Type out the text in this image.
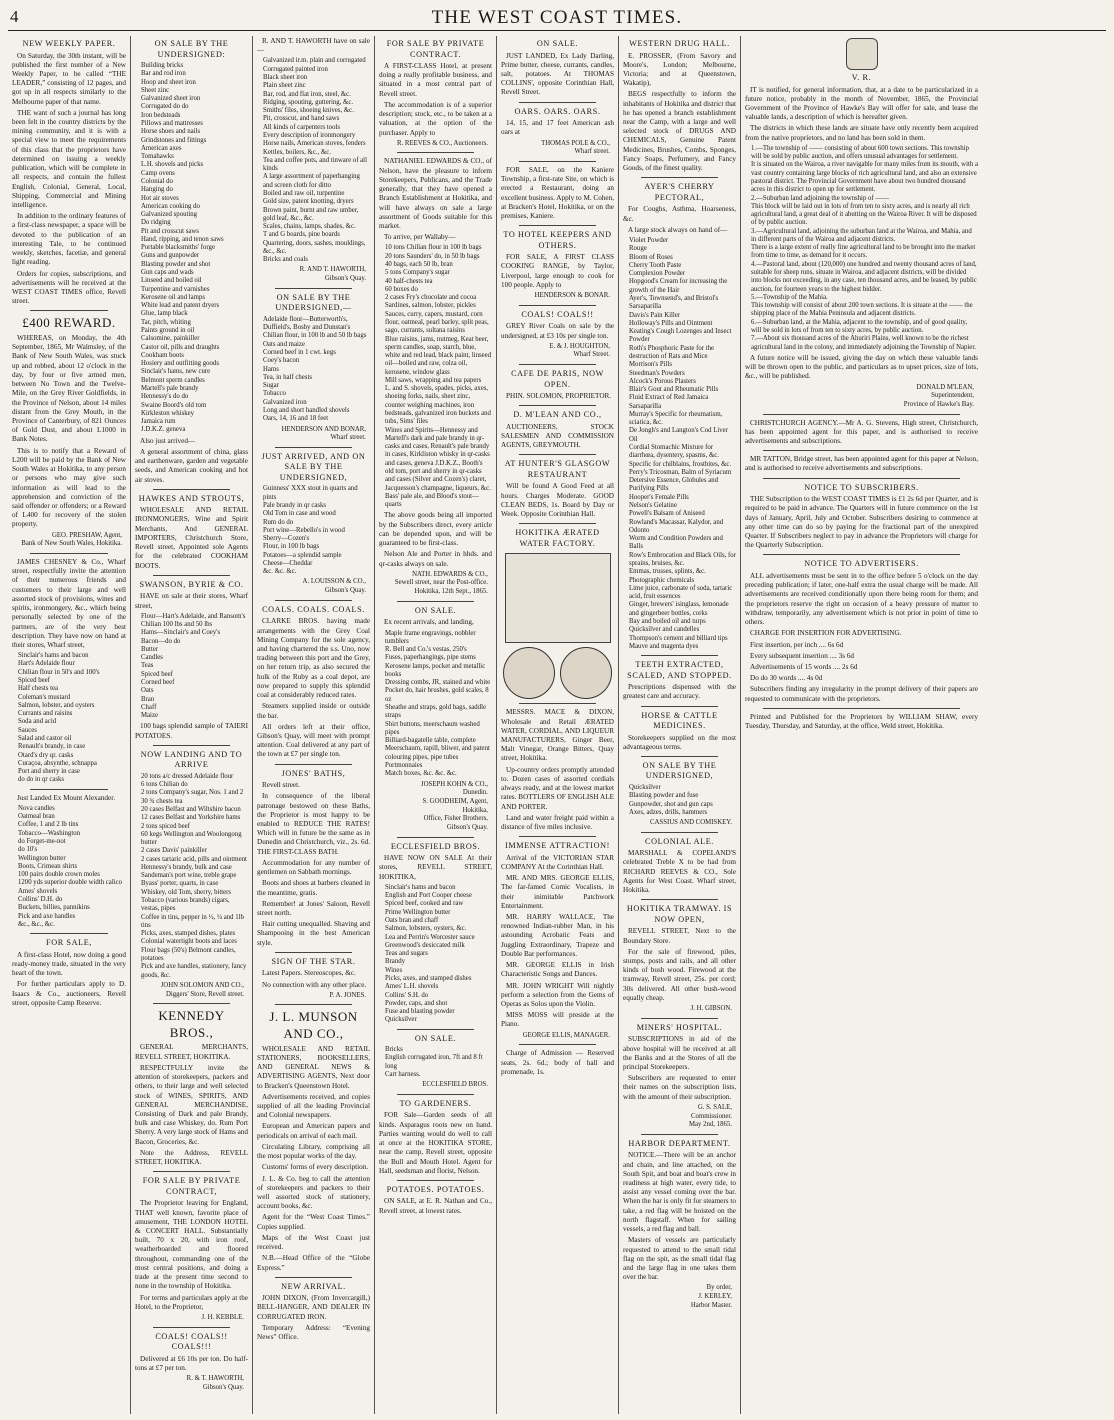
4	THE WEST COAST TIMES.
NEW WEEKLY PAPER.
On Saturday, the 30th instant, will be published the first number of a New Weekly Paper, to be called “THE LEADER,” consisting of 12 pages, and got up in all respects similarly to the Melbourne paper of that name.
THE want of such a journal has long been felt in the country districts by the mining community, and it is with a special view to meet the requirements of this class that the proprietors have determined on issuing a weekly publication, which will be complete in all respects, and contain the fullest English, Colonial, General, Local, Shipping, Commercial and Mining intelligence.
In addition to the ordinary features of a first-class newspaper, a space will be devoted to the publication of an interesting Tale, to be continued weekly, sketches, facetiæ, and general light reading.
Orders for copies, subscriptions, and advertisements will be received at the WEST COAST TIMES office, Revell street.
£400 REWARD.
WHEREAS, on Monday, the 4th September, 1865, Mr Walmsley, of the Bank of New South Wales, was stuck up and robbed, about 12 o'clock in the day, by four or five armed men, between No Town and the Twelve-Mile, on the Grey River Goldfields, in the Province of Nelson, about 14 miles distant from the Grey Mouth, in the Province of Canterbury, of 821 Ounces of Gold Dust, and about L1000 in Bank Notes.
This is to notify that a Reward of L200 will be paid by the Bank of New South Wales at Hokitika, to any person or persons who may give such information as will lead to the apprehension and conviction of the said offender or offenders; or a Reward of L400 for recovery of the stolen property.
GEO. PRESHAW, Agent,
Bank of New South Wales, Hokitika.
JAMES CHESNEY & Co., Wharf street, respectfully invite the attention of their numerous friends and customers to their large and well assorted stock of provisions, wines and spirits, ironmongery, &c., which being personally selected by one of the partners, are of the very best description. They have now on hand at their stores, Wharf street,
Sinclair's hams and bacon
Hart's Adelaide flour
Chilian flour in 50's and 100's
Spiced beef
Half chests tea
Coleman's mustard
Salmon, lobster, and oysters
Currants and raisins
Soda and acid
Sauces
Salad and castor oil
Renault's brandy, in case
Otard's dry qr. casks
Curaçoa, absynthe, schnappa
Port and sherry in case
do do in qr casks
Just Landed Ex Mount Alexander.
Nova candles
Oatmeal bran
Coffee, 1 and 2 lb tins
Tobacco—Washington
do Forget-me-not
do 10's
Wellington butter
Boots, Crimean shirts
100 pairs double crown moles
1200 yds superior double width calico
Ames' shovels
Collins' D.H. do
Buckets, billies, pannikins
Pick and axe handles
&c., &c., &c.
FOR SALE,
A first-class Hotel, now doing a good ready-money trade, situated in the very heart of the town.
For further particulars apply to D. Isaacs & Co., auctioneers, Revell street, opposite Camp Reserve.
ON SALE BY THE UNDERSIGNED:
Building bricks
Bar and rod iron
Hoop and sheet iron
Sheet zinc
Galvanized sheet iron
Corrugated do do
Iron bedsteads
Pillows and mattresses
Horse shoes and nails
Grindstones and fittings
American axes
Tomahawks
L.H. shovels and picks
Camp ovens
Colonial do
Hanging do
Hot air stoves
American cooking do
Galvanized spouting
Do ridging
Pit and crosscut saws
Hand, ripping, and tenon saws
Portable blacksmiths' forge
Guns and gunpowder
Blasting powder and shot
Gun caps and wads
Linseed and boiled oil
Turpentine and varnishes
Kerosene oil and lamps
White lead and patent dryers
Glue, lamp black
Tar, pitch, whiting
Paints ground in oil
Calsomine, painkiller
Castor oil, pills and draughts
Cookham boots
Hosiery and outfitting goods
Sinclair's hams, new cure
Belmont sperm candles
Martell's pale brandy
Hennessy's do do
Swaine Boord's old tom
Kirkleston whiskey
Jamaica rum
J.D.K.Z. geneva
Also just arrived—
A general assortment of china, glass and earthenware, garden and vegetable seeds, and American cooking and hot air stoves.
HAWKES AND STROUTS,
WHOLESALE AND RETAIL IRONMONGERS, Wine and Spirit Merchants, And GENERAL IMPORTERS, Christchurch Store, Revell street, Appointed sole Agents for the celebrated COOKHAM BOOTS.
SWANSON, BYRIE & CO.
HAVE on sale at their stores, Wharf street,
Flour—Hart's Adelaide, and Ransom's Chilian 100 lbs and 50 lbs
Hams—Sinclair's and Coey's
Bacon—do do
Butter
Candles
Teas
Spiced beef
Corned beef
Oats
Bran
Chaff
Maize
100 bags splendid sample of TAIERI POTATOES.
NOW LANDING AND TO ARRIVE
20 tons a/c dressed Adelaide flour
6 tons Chilian do
2 tons Company's sugar, Nos. 1 and 2
30 ¾ chests tea
20 cases Belfast and Wiltshire bacon
12 cases Belfast and Yorkshire hams
2 tons spiced beef
60 kegs Wellington and Woolongong butter
2 cases Davis' painkiller
2 cases tartaric acid, pills and ointment
Hennessy's brandy, bulk and case
Sandeman's port wine, treble grape
Byass' porter, quarts, in case
Whiskey, old Tom, sherry, bitters
Tobacco (various brands) cigars, vestas, pipes
Coffee in tins, pepper in ½, ¼ and 1lb tins
Picks, axes, stamped dishes, plates
Colonial watertight boots and laces
Flour bags (50's) Belmont candles, potatoes
Pick and axe handles, stationery, fancy goods, &c.
JOHN SOLOMON AND CO.,
Diggers' Store, Revell street.
KENNEDY BROS.,
GENERAL MERCHANTS, REVELL STREET, HOKITIKA.
RESPECTFULLY invite the attention of storekeepers, packers and others, to their large and well selected stock of WINES, SPIRITS, AND GENERAL MERCHANDISE, Consisting of Dark and pale Brandy, bulk and case Whiskey, do. Rum Port Sherry. A very large stock of Hams and Bacon, Groceries, &c.
Note the Address, REVELL STREET, HOKITIKA.
FOR SALE BY PRIVATE CONTRACT,
The Proprietor leaving for England, THAT well known, favorite place of amusement, THE LONDON HOTEL & CONCERT HALL. Substantially built, 70 x 20, with iron roof, weatherboarded and floored throughout, commanding one of the most central positions, and doing a trade at the present time second to none in the township of Hokitika.
For terms and particulars apply at the Hotel, to the Proprietor,
J. H. KEBBLE.
COALS! COALS!! COALS!!!
Delivered at £6 10s per ton. Do half-tons at £7 per ton.
R. & T. HAWORTH,
Gibson's Quay.
R. AND T. HAWORTH have on sale—
Galvanized ir.m. plain and corrugated
Corrugated painted iron
Black sheet iron
Plain sheet zinc
Bar, rod, and flat iron, steel, &c.
Ridging, spouting, guttering, &c.
Smiths' files, shoeing knives, &c.
Pit, crosscut, and hand saws
All kinds of carpenters tools
Every description of ironmongery
Horse nails, American stoves, fenders
Kettles, boilers, &c., &c.
Tea and coffee pots, and tinware of all kinds
A large assortment of paperhanging and screen cloth for ditto
Boiled and raw oil, turpentine
Gold size, patent knotting, dryers
Brown paint, burnt and raw umber, gold leaf, &c., &c.
Scales, chains, lamps, shades, &c.
T and G boards, pine boards
Quartering, doors, sashes, mouldings, &c., &c.
Bricks and coals
R. AND T. HAWORTH,
Gibson's Quay.
ON SALE BY THE UNDERSIGNED,—
Adelaide flour—Butterworth's, Duffield's, Bosby and Dunstan's
Chilian flour, in 100 lb and 50 lb bags
Oats and maize
Corned beef in 1 cwt. kegs
Coey's bacon
Hams
Tea, in half chests
Sugar
Tobacco
Galvanized iron
Long and short handled shovels
Oars, 14, 16 and 18 feet
HENDERSON AND BONAR,
Wharf street.
JUST ARRIVED, AND ON SALE BY THE UNDERSIGNED,
Guinness' XXX stout in quarts and pints
Pale brandy in qr casks
Old Tom in case and wood
Rum do do
Port wine—Rebello's in wood
Sherry—Cozen's
Flour, in 100 lb bags
Potatoes—a splendid sample
Cheese—Cheddar
&c. &c. &c.
A. LOUISSON & CO.,
Gibson's Quay.
COALS. COALS. COALS.
CLARKE BROS. having made arrangements with the Grey Coal Mining Company for the sole agency, and having chartered the s.s. Uno, now trading between this port and the Grey, on her return trip, as also secured the hulk of the Ruby as a coal depot, are now prepared to supply this splendid coal at considerably reduced rates.
Steamers supplied inside or outside the bar.
All orders left at their office, Gibson's Quay, will meet with prompt attention. Coal delivered at any part of the town at £7 per single ton.
JONES' BATHS,
Revell street.
In consequence of the liberal patronage bestowed on these Baths, the Proprietor is most happy to be enabled to REDUCE THE RATES! Which will in future be the same as in Dunedin and Christchurch, viz., 2s. 6d. THE FIRST-CLASS BATH.
Accommodation for any number of gentlemen on Sabbath mornings.
Boots and shoes at barbers cleaned in the meantime, gratis.
Remember! at Jones' Saloon, Revell street north.
Hair cutting unequalled. Shaving and Shampooing in the best American style.
SIGN OF THE STAR.
Latest Papers. Stereoscopes, &c.
No connection with any other place.
P. A. JONES.
J. L. MUNSON AND CO.,
WHOLESALE AND RETAIL STATIONERS, BOOKSELLERS, AND GENERAL NEWS & ADVERTISING AGENTS, Next door to Bracken's Queenstown Hotel.
Advertisements received, and copies supplied of all the leading Provincial and Colonial newspapers.
European and American papers and periodicals on arrival of each mail.
Circulating Library, comprising all the most popular works of the day.
Customs' forms of every description.
J. L. & Co. beg to call the attention of storekeepers and packers to their well assorted stock of stationery, account books, &c.
Agent for the “West Coast Times.” Copies supplied.
Maps of the West Coast just received.
N.B.—Head Office of the “Globe Express.”
NEW ARRIVAL.
JOHN DIXON, (From Invercargill,) BELL-HANGER, AND DEALER IN CORRUGATED IRON.
Temporary Address: “Evening News” Office.
FOR SALE BY PRIVATE CONTRACT.
A FIRST-CLASS Hotel, at present doing a really profitable business, and situated in a most central part of Revell street.
The accommodation is of a superior description; stock, etc., to be taken at a valuation, at the option of the purchaser. Apply to
R. REEVES & CO., Auctioneers.
NATHANIEL EDWARDS & CO., of Nelson, have the pleasure to inform Storekeepers, Publicans, and the Trade generally, that they have opened a Branch Establishment at Hokitika, and will have always on sale a large assortment of Goods suitable for this market.
To arrive, per Wallaby—
10 tons Chilian flour in 100 lb bags
20 tons Saunders' do, in 50 lb bags
40 bags, each 50 lb, bran
5 tons Company's sugar
40 half-chests tea
60 boxes do
2 cases Fry's chocolate and cocoa
Sardines, salmon, lobster, pickles
Sauces, curry, capers, mustard, corn flour, oatmeal, pearl barley, split peas, sago, currants, sultana raisins
Blue raisins, jams, nutmeg, Keat beer, sperm candles, soap, starch, blue, white and red lead, black paint, linseed oil—boiled and raw, colza oil, kerosene, window glass
Mill saws, wrapping and tea papers
L. and S. shovels, spades, picks, axes, shoeing forks, nails, sheet zinc, counter weighing machines, iron bedsteads, galvanized iron buckets and tubs, Sims' files
Wines and Spirits—Hennessy and Martell's dark and pale brandy in qr-casks and cases, Renault's pale brandy in cases, Kirkliston whisky in qr-casks and cases, geneva J.D.K.Z., Booth's old tom, port and sherry in qr-casks and cases (Silver and Cozen's) claret, Jacquesson's champagne, liqueurs, &c.
Bass' pale ale, and Blood's stout—quarts
The above goods being all imported by the Subscribers direct, every article can be depended upon, and will be guaranteed to be first-class.
Nelson Ale and Porter in hhds. and qr-casks always on sale.
NATH. EDWARDS & CO.,
Sewell street, near the Post-office.
Hokitika, 12th Sept., 1865.
ON SALE.
Ex recent arrivals, and landing,
Maple frame engravings, nobbler tumblers
R. Bell and Co.'s vestas, 250's
Fuses, paperhangings, pipe stems
Kerosene lamps, pocket and metallic books
Dressing combs, JR, stained and white
Pocket do, hair brushes, gold scales, 8 oz
Sheathe and straps, gold bags, saddle straps
Shirt buttons, meerschaum washed pipes
Billiard-bagatelle table, complete
Meerschaum, rapill, bliwer, and patent colouring pipes, pipe tubes
Portmonnaies
Match boxes, &c. &c. &c.
JOSEPH KOHN & CO.,
Dunedin.
S. GOODHEIM, Agent,
Hokitika,
Office, Fisher Brothers,
Gibson's Quay.
ECCLESFIELD BROS.
HAVE NOW ON SALE At their stores, REVELL STREET, HOKITIKA,
Sinclair's hams and bacon
English and Port Cooper cheese
Spiced beef, cooked and raw
Prime Wellington butter
Oats bran and chaff
Salmon, lobsters, oysters, &c.
Lea and Perrin's Worcester sauce
Greenwood's desiccated milk
Teas and sugars
Brandy
Wines
Picks, axes, and stamped dishes
Ames' L.H. shovels
Collins' S.H. do
Powder, caps, and shot
Fuse and blasting powder
Quicksilver
ON SALE.
Bricks
English corrugated iron, 7ft and 8 ft long
Cart harness.
ECCLESFIELD BROS.
TO GARDENERS.
FOR Sale—Garden seeds of all kinds. Asparagus roots new on hand. Parties wanting would do well to call at once at the HOKITIKA STORE, near the camp, Revell street, opposite the Bull and Mouth Hotel. Agent for Hall, seedsman and florist, Nelson.
POTATOES. POTATOES.
ON SALE, at E. R. Nathan and Co., Revell street, at lowest rates.
ON SALE.
JUST LANDED, Ex Lady Darling, Prime butter, cheese, currants, candles, salt, potatoes. At THOMAS COLLINS', opposite Corinthian Hall, Revell Street.
OARS. OARS. OARS.
14, 15, and 17 feet American ash oars at
THOMAS POLE & CO.,
Wharf street.
FOR SALE, on the Kaniere Township, a first-rate Site, on which is erected a Restaurant, doing an excellent business. Apply to M. Cohen, at Bracken's Hotel, Hokitika, or on the premises, Kaniere.
TO HOTEL KEEPERS AND OTHERS.
FOR SALE, A FIRST CLASS COOKING RANGE, by Taylor, Liverpool, large enough to cook for 100 people. Apply to
HENDERSON & BONAR.
COALS! COALS!!
GREY River Coals on sale by the undersigned, at £3 10s per single ton.
E. & J. HOUGHTON,
Wharf Street.
CAFE DE PARIS, NOW OPEN.
PHIN. SOLOMON, PROPRIETOR.
D. M'LEAN AND CO.,
AUCTIONEERS, STOCK SALESMEN AND COMMISSION AGENTS, GREYMOUTH.
AT HUNTER'S GLASGOW RESTAURANT
Will be found A Good Feed at all hours. Charges Moderate. GOOD CLEAN BEDS, 1s. Board by Day or Week. Opposite Corinthian Hall.
HOKITIKA ÆRATED WATER FACTORY.
MESSRS. MACE & DIXON, Wholesale and Retail ÆRATED WATER, CORDIAL, AND LIQUEUR MANUFACTURERS, Ginger Beer, Malt Vinegar, Orange Bitters, Quay street, Hokitika.
Up-country orders promptly attended to. Dozen cases of assorted cordials always ready, and at the lowest market rates. BOTTLERS OF ENGLISH ALE AND PORTER.
Land and water freight paid within a distance of five miles inclusive.
IMMENSE ATTRACTION!
Arrival of the VICTORIAN STAR COMPANY At the Corinthian Hall.
MR. AND MRS. GEORGE ELLIS, The far-famed Comic Vocalists, in their inimitable Patchwork Entertainment.
MR. HARRY WALLACE, The renowned Indian-rubber Man, in his astounding Acrobatic Feats and Juggling Extraordinary, Trapeze and Double Bar performances.
MR. GEORGE ELLIS in Irish Characteristic Songs and Dances.
MR. JOHN WRIGHT Will nightly perform a selection from the Gems of Operas as Solos upon the Violin.
MISS MOSS will preside at the Piano.
GEORGE ELLIS, MANAGER.
Charge of Admission — Reserved seats, 2s. 6d.; body of hall and promenade, 1s.
WESTERN DRUG HALL.
E. PROSSER, (From Savory and Moore's, London; Melbourne, Victoria; and at Queenstown, Wakatip),
BEGS respectfully to inform the inhabitants of Hokitika and district that he has opened a branch establishment near the Camp, with a large and well selected stock of DRUGS AND CHEMICALS, Genuine Patent Medicines, Brushes, Combs, Sponges, Fancy Soaps, Perfumery, and Fancy Goods, of the finest quality.
AYER'S CHERRY PECTORAL,
For Coughs, Asthma, Hoarseness, &c.
A large stock always on hand of—
Violet Powder
Rouge
Bloom of Roses
Cherry Tooth Paste
Complexion Powder
Hopgood's Cream for increasing the growth of the Hair
Ayer's, Townsend's, and Bristol's Sarsaparilla
Davis's Pain Killer
Holloway's Pills and Ointment
Keating's Cough Lozenges and Insect Powder
Roth's Phosphoric Paste for the destruction of Rats and Mice
Morrison's Pills
Steedman's Powders
Alcock's Porous Plasters
Blair's Gout and Rheumatic Pills
Fluid Extract of Red Jamaica Sarsaparilla
Murray's Specific for rheumatism, sciatica, &c.
De Jongh's and Langton's Cod Liver Oil
Cordial Stomachic Mixture for diarrhœa, dysentery, spasms, &c.
Specific for chilblains, frostbites, &c.
Perry's Tricosman, Balm of Syriacum
Detersive Essence, Globules and Purifying Pills
Hooper's Female Pills
Nelson's Gelatine
Powell's Balsam of Aniseed
Rowland's Macassar, Kalydor, and Odonto
Worm and Condition Powders and Balls
Row's Embrocation and Black Oils, for sprains, bruises, &c.
Emmas, trusses, splints, &c.
Photographic chemicals
Lime juice, carbonate of soda, tartaric acid, fruit essences
Ginger, brewers' isinglass, lemonade and gingerbeer bottles, corks
Bay and boiled oil and turps
Quicksilver and candelles
Thompson's cement and billiard tips
Mauve and magenta dyes
TEETH EXTRACTED, SCALED, AND STOPPED.
Prescriptions dispensed with the greatest care and accuracy.
HORSE & CATTLE MEDICINES.
Storekeepers supplied on the most advantageous terms.
ON SALE BY THE UNDERSIGNED,
Quicksilver
Blasting powder and fuse
Gunpowder, shot and gun caps
Axes, adzes, drills, hammers
CASSIUS AND COMISKEY.
COLONIAL ALE.
MARSHALL & COPELAND'S celebrated Treble X to be had from RICHARD REEVES & CO., Sole Agents for West Coast. Wharf street, Hokitika.
HOKITIKA TRAMWAY. IS NOW OPEN,
REVELL STREET, Next to the Boundary Store.
For the sale of firewood, piles, stumps, posts and rails, and all other kinds of bush wood. Firewood at the tramway, Revell street, 25s. per cord; 30s delivered. All other bush-wood equally cheap.
J. H. GIBSON.
MINERS' HOSPITAL.
SUBSCRIPTIONS in aid of the above hospital will be received at all the Banks and at the Stores of all the principal Storekeepers.
Subscribers are requested to enter their names on the subscription lists, with the amount of their subscription.
G. S. SALE,
Commissioner.
May 2nd, 1865.
HARBOR DEPARTMENT.
NOTICE.—There will be an anchor and chain, and line attached, on the South Spit, and boat and boat's crew in readiness at high water, every tide, to assist any vessel coming over the bar. When the bar is only fit for steamers to take, a red flag will be hoisted on the north flagstaff. When for sailing vessels, a red flag and ball.
Masters of vessels are particularly requested to attend to the small tidal flag on the spit, as the small tidal flag and the large flag in one takes them over the bar.
By order,
J. KERLEY,
Harbor Master.
V. R.
IT is notified, for general information, that, at a date to be particularized in a future notice, probably in the month of November, 1865, the Provincial Government of the Province of Hawke's Bay will offer for sale, and lease the valuable lands, a description of which is hereafter given.
The districts in which these lands are situate have only recently been acquired from the native proprietors, and no land has been sold in them.
1.—The township of —— consisting of about 600 town sections. This township will be sold by public auction, and offers unusual advantages for settlement.
It is situated on the Wairoa, a river navigable for many miles from its mouth, with a vast country containing large blocks of rich agricultural land, and also an extensive pastoral district. The Provincial Government have about two hundred thousand acres in this district to open up for settlement.
2.—Suburban land adjoining the township of ——
This block will be laid out in lots of from ten to sixty acres, and is nearly all rich agricultural land, a great deal of it abutting on the Wairoa River. It will be disposed of by public auction.
3.—Agricultural land, adjoining the suburban land at the Wairoa, and Mahia, and in different parts of the Wairoa and adjacent districts.
There is a large extent of really fine agricultural land to be brought into the market from time to time, as demand for it occurs.
4.—Pastoral land, about (120,000) one hundred and twenty thousand acres of land, suitable for sheep runs, situate in Wairoa, and adjacent districts, will be divided into blocks not exceeding, in any case, ten thousand acres, and be leased, by public auction, for fourteen years to the highest bidder.
5.—Township of the Mahia.
This township will consist of about 200 town sections. It is situate at the —— the shipping place of the Mahia Peninsula and adjacent districts.
6.—Suburban land, at the Mahia, adjacent to the township, and of good quality, will be sold in lots of from ten to sixty acres, by public auction.
7.—About six thousand acres of the Ahuriri Plains, well known to be the richest agricultural land in the colony, and immediately adjoining the Township of Napier.
A future notice will be issued, giving the day on which these valuable lands will be thrown open to the public, and particulars as to upset prices, size of lots, &c., will be published.
DONALD M'LEAN,
Superintendent,
Province of Hawke's Bay.
CHRISTCHURCH AGENCY.—Mr A. G. Stevens, High street, Christchurch, has been appointed agent for this paper, and is authorised to receive advertisements and subscriptions.
MR TATTON, Bridge street, has been appointed agent for this paper at Nelson, and is authorised to receive advertisements and subscriptions.
NOTICE TO SUBSCRIBERS.
THE Subscription to the WEST COAST TIMES is £1 2s 6d per Quarter, and is required to be paid in advance. The Quarters will in future commence on the 1st days of January, April, July and October. Subscribers desiring to commence at any other time can do so by paying for the fractional part of the unexpired Quarter. If Subscribers neglect to pay in advance the Proprietors will charge for the Quarterly Subscription.
NOTICE TO ADVERTISERS.
ALL advertisements must be sent in to the office before 5 o'clock on the day preceding publication; if later, one-half extra the usual charge will be made. All advertisements are received conditionally upon there being room for them; and the proprietors reserve the right on occasion of a heavy pressure of matter to withdraw, temporarily, any advertisement which is not prior in point of time to others.
CHARGE FOR INSERTION FOR ADVERTISING.
First insertion, per inch .... 6s 6d
Every subsequent insertion .... 3s 6d
Advertisements of 15 words .... 2s 6d
Do do 30 words .... 4s 0d
Subscribers finding any irregularity in the prompt delivery of their papers are requested to communicate with the proprietors.
Printed and Published for the Proprietors by WILLIAM SHAW, every Tuesday, Thursday, and Saturday, at the office, Weld street, Hokitika.
